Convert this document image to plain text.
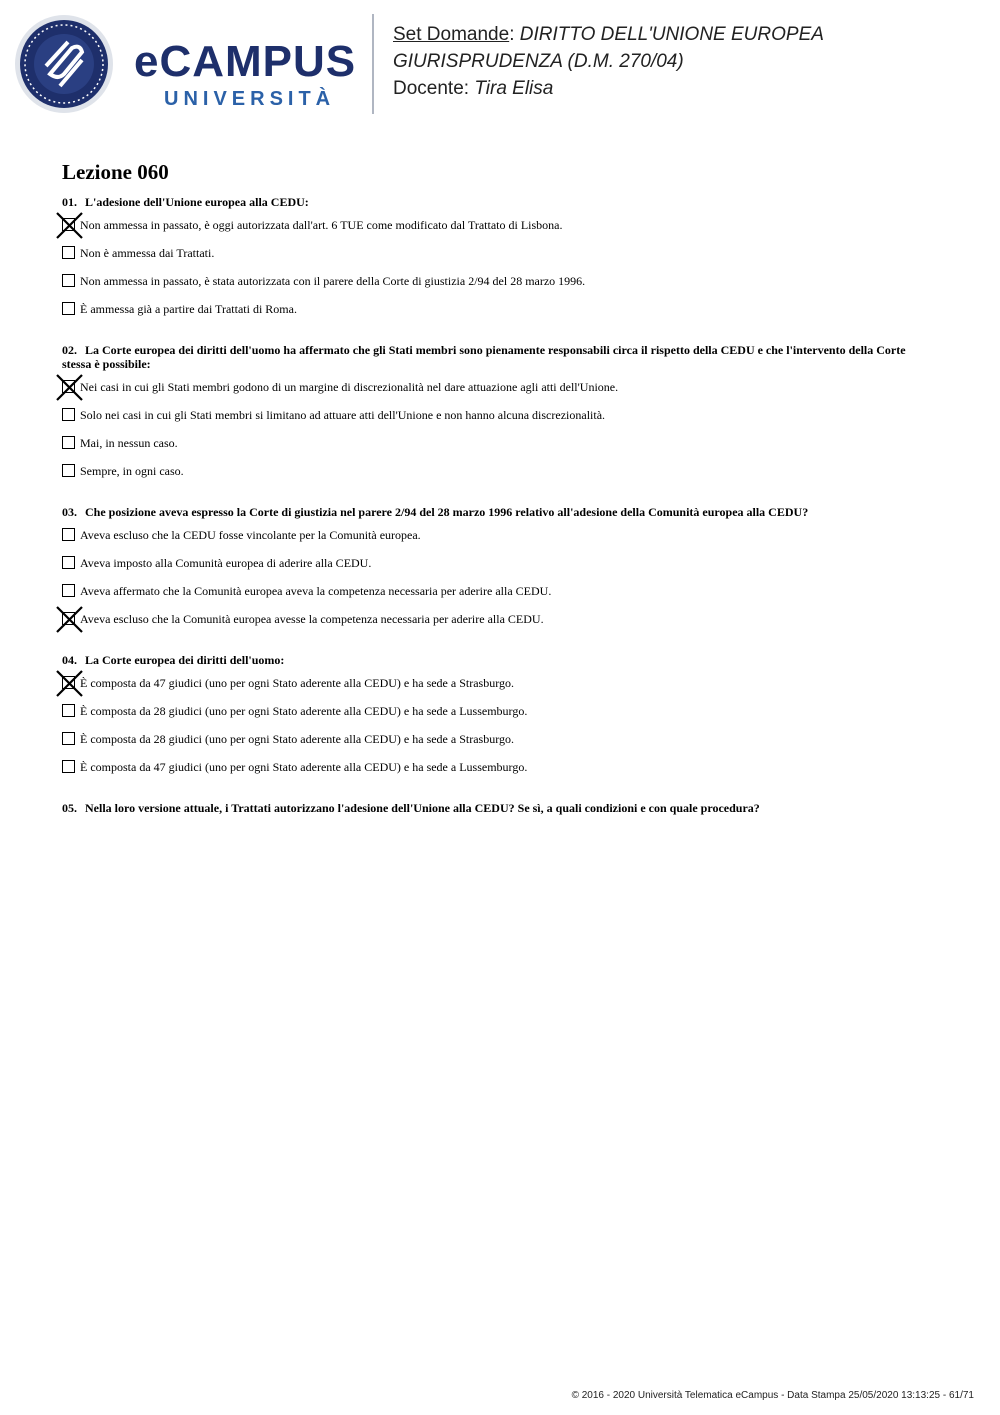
eCAMPUS
UNIVERSITÀ
Set Domande: DIRITTO DELL'UNIONE EUROPEA
GIURISPRUDENZA (D.M. 270/04)
Docente: Tira Elisa
Lezione 060
01. L'adesione dell'Unione europea alla CEDU:
Non ammessa in passato, è oggi autorizzata dall'art. 6 TUE come modificato dal Trattato di Lisbona.
Non è ammessa dai Trattati.
Non ammessa in passato, è stata autorizzata con il parere della Corte di giustizia 2/94 del 28 marzo 1996.
È ammessa già a partire dai Trattati di Roma.
02. La Corte europea dei diritti dell'uomo ha affermato che gli Stati membri sono pienamente responsabili circa il rispetto della CEDU e che l'intervento della Corte stessa è possibile:
Nei casi in cui gli Stati membri godono di un margine di discrezionalità nel dare attuazione agli atti dell'Unione.
Solo nei casi in cui gli Stati membri si limitano ad attuare atti dell'Unione e non hanno alcuna discrezionalità.
Mai, in nessun caso.
Sempre, in ogni caso.
03. Che posizione aveva espresso la Corte di giustizia nel parere 2/94 del 28 marzo 1996 relativo all'adesione della Comunità europea alla CEDU?
Aveva escluso che la CEDU fosse vincolante per la Comunità europea.
Aveva imposto alla Comunità europea di aderire alla CEDU.
Aveva affermato che la Comunità europea aveva la competenza necessaria per aderire alla CEDU.
Aveva escluso che la Comunità europea avesse la competenza necessaria per aderire alla CEDU.
04. La Corte europea dei diritti dell'uomo:
È composta da 47 giudici (uno per ogni Stato aderente alla CEDU) e ha sede a Strasburgo.
È composta da 28 giudici (uno per ogni Stato aderente alla CEDU) e ha sede a Lussemburgo.
È composta da 28 giudici (uno per ogni Stato aderente alla CEDU) e ha sede a Strasburgo.
È composta da 47 giudici (uno per ogni Stato aderente alla CEDU) e ha sede a Lussemburgo.
05. Nella loro versione attuale, i Trattati autorizzano l'adesione dell'Unione alla CEDU? Se sì, a quali condizioni e con quale procedura?
© 2016 - 2020 Università Telematica eCampus - Data Stampa 25/05/2020 13:13:25 - 61/71
